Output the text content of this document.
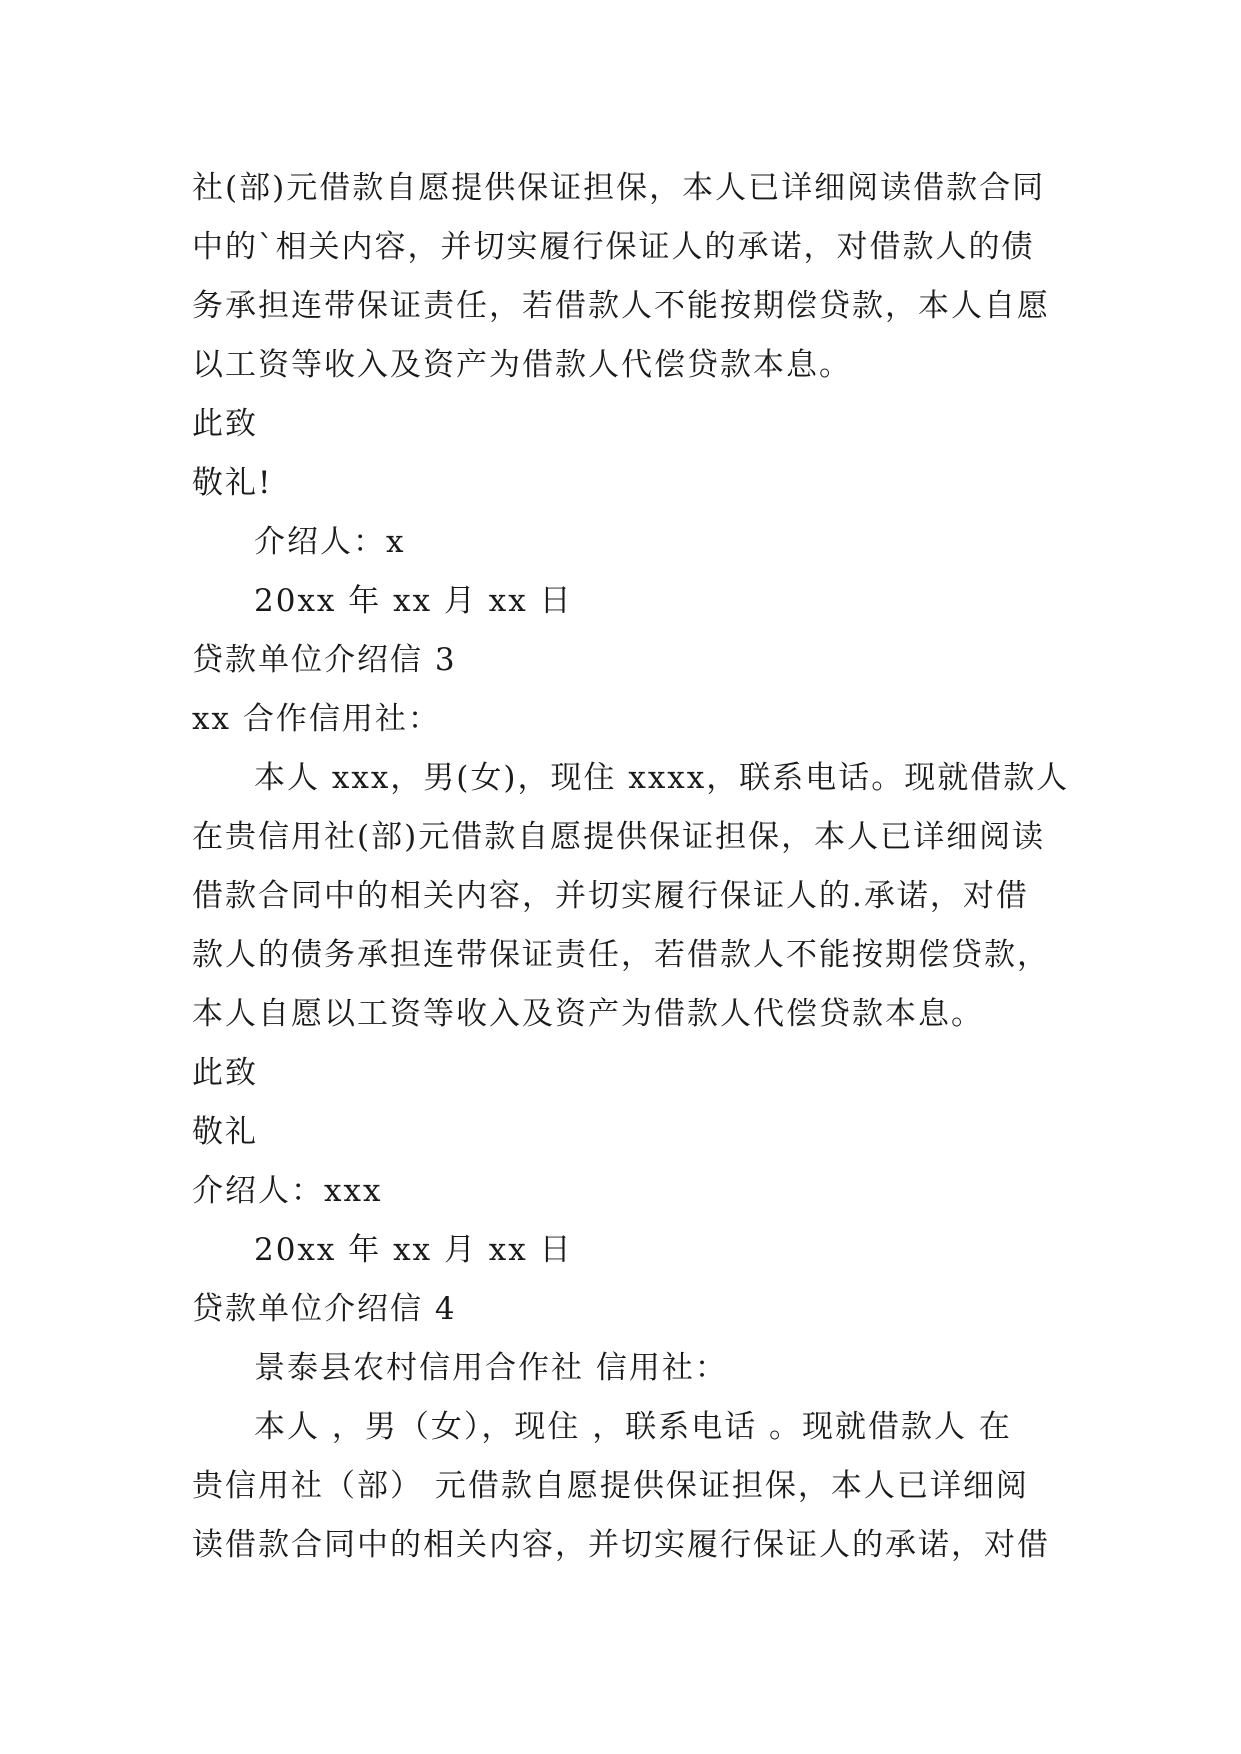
社(部)元借款自愿提供保证担保，本人已详细阅读借款合同

中的`相关内容，并切实履行保证人的承诺，对借款人的债

务承担连带保证责任，若借款人不能按期偿贷款，本人自愿

以工资等收入及资产为借款人代偿贷款本息。

此致

敬礼!

介绍人：x

20xx 年 xx 月 xx 日

贷款单位介绍信 3

xx 合作信用社：

本人 xxx，男(女)，现住 xxxx，联系电话。现就借款人

在贵信用社(部)元借款自愿提供保证担保，本人已详细阅读

借款合同中的相关内容，并切实履行保证人的.承诺，对借

款人的债务承担连带保证责任，若借款人不能按期偿贷款，

本人自愿以工资等收入及资产为借款人代偿贷款本息。

此致

敬礼

介绍人：xxx

20xx 年 xx 月 xx 日

贷款单位介绍信 4

景泰县农村信用合作社 信用社：

本人 ，男（女），现住 ，联系电话 。现就借款人 在

贵信用社（部） 元借款自愿提供保证担保，本人已详细阅

读借款合同中的相关内容，并切实履行保证人的承诺，对借
